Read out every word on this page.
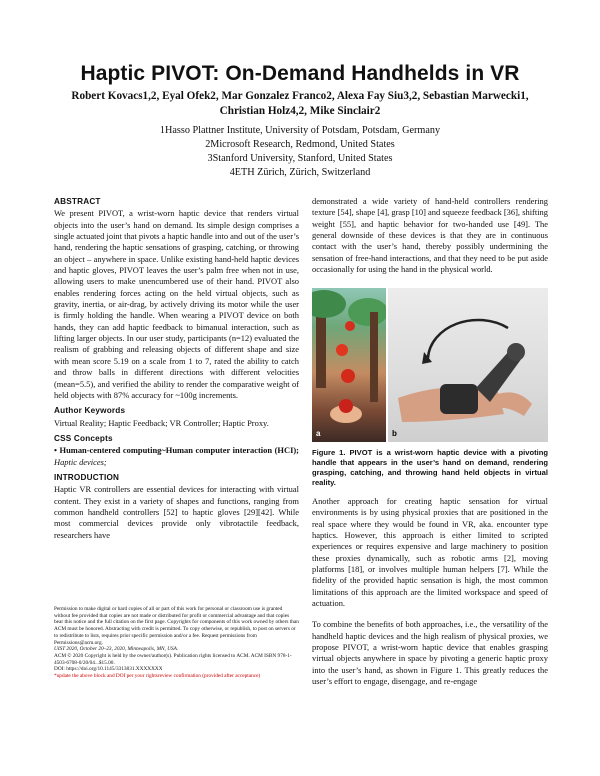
Haptic PIVOT: On-Demand Handhelds in VR
Robert Kovacs1,2, Eyal Ofek2, Mar Gonzalez Franco2, Alexa Fay Siu3,2, Sebastian Marwecki1,
Christian Holz4,2, Mike Sinclair2
1Hasso Plattner Institute, University of Potsdam, Potsdam, Germany
2Microsoft Research, Redmond, United States
3Stanford University, Stanford, United States
4ETH Zürich, Zürich, Switzerland
ABSTRACT

We present PIVOT, a wrist-worn haptic device that renders virtual objects into the user’s hand on demand. Its simple design comprises a single actuated joint that pivots a haptic handle into and out of the user’s hand, rendering the haptic sensations of grasping, catching, or throwing an object – anywhere in space. Unlike existing hand-held haptic devices and haptic gloves, PIVOT leaves the user’s palm free when not in use, allowing users to make unencumbered use of their hand. PIVOT also enables rendering forces acting on the held virtual objects, such as gravity, inertia, or air-drag, by actively driving its motor while the user is firmly holding the handle. When wearing a PIVOT device on both hands, they can add haptic feedback to bimanual interaction, such as lifting larger objects. In our user study, participants (n=12) evaluated the realism of grabbing and releasing objects of different shape and size with mean score 5.19 on a scale from 1 to 7, rated the ability to catch and throw balls in different directions with different velocities (mean=5.5), and verified the ability to render the comparative weight of held objects with 87% accuracy for ~100g increments.

Author Keywords

Virtual Reality; Haptic Feedback; VR Controller; Haptic Proxy.

CSS Concepts

• Human-centered computing~Human computer interaction (HCI); Haptic devices;

INTRODUCTION

Haptic VR controllers are essential devices for interacting with virtual content. They exist in a variety of shapes and functions, ranging from common handheld controllers [52] to haptic gloves [29][42]. While most commercial devices provide only vibrotactile feedback, researchers have

Permission to make digital or hard copies of all or part of this work for personal or classroom use is granted without fee provided that copies are not made or distributed for profit or commercial advantage and that copies bear this notice and the full citation on the first page. Copyrights for components of this work owned by others than ACM must be honored. Abstracting with credit is permitted. To copy otherwise, or republish, to post on servers or to redistribute to lists, requires prior specific permission and/or a fee. Request permissions from Permissions@acm.org.

UIST 2020, October 20–23, 2020, Minneapolis, MN, USA.

ACM © 2020 Copyright is held by the owner/author(s). Publication rights licensed to ACM. ACM ISBN 978-1-4503-6708-0/20/04...$15.00.

DOI: https://doi.org/10.1145/3313831.XXXXXXX

*update the above block and DOI per your rightsreview confirmation (provided after acceptance)

demonstrated a wide variety of hand-held controllers rendering texture [54], shape [4], grasp [10] and squeeze feedback [36], shifting weight [55], and haptic behavior for two-handed use [49]. The general downside of these devices is that they are in continuous contact with the user’s hand, thereby possibly undermining the sensation of free-hand interactions, and that they need to be put aside occasionally for using the hand in the physical world.

a	b
Figure 1. PIVOT is a wrist-worn haptic device with a pivoting handle that appears in the user’s hand on demand, rendering grasping, catching, and throwing hand held objects in virtual reality.

Another approach for creating haptic sensation for virtual environments is by using physical proxies that are positioned in the real space where they would be found in VR, aka. encounter type haptics. However, this approach is either limited to scripted experiences or requires expensive and large machinery to position these proxies dynamically, such as robotic arms [2], moving platforms [18], or involves multiple human helpers [7]. While the fidelity of the provided haptic sensation is high, the most common limitations of this approach are the limited workspace and speed of actuation.

To combine the benefits of both approaches, i.e., the versatility of the handheld haptic devices and the high realism of physical proxies, we propose PIVOT, a wrist-worn haptic device that enables grasping virtual objects anywhere in space by pivoting a generic haptic proxy into the user’s hand, as shown in Figure 1. This greatly reduces the user’s effort to engage, disengage, and re-engage
